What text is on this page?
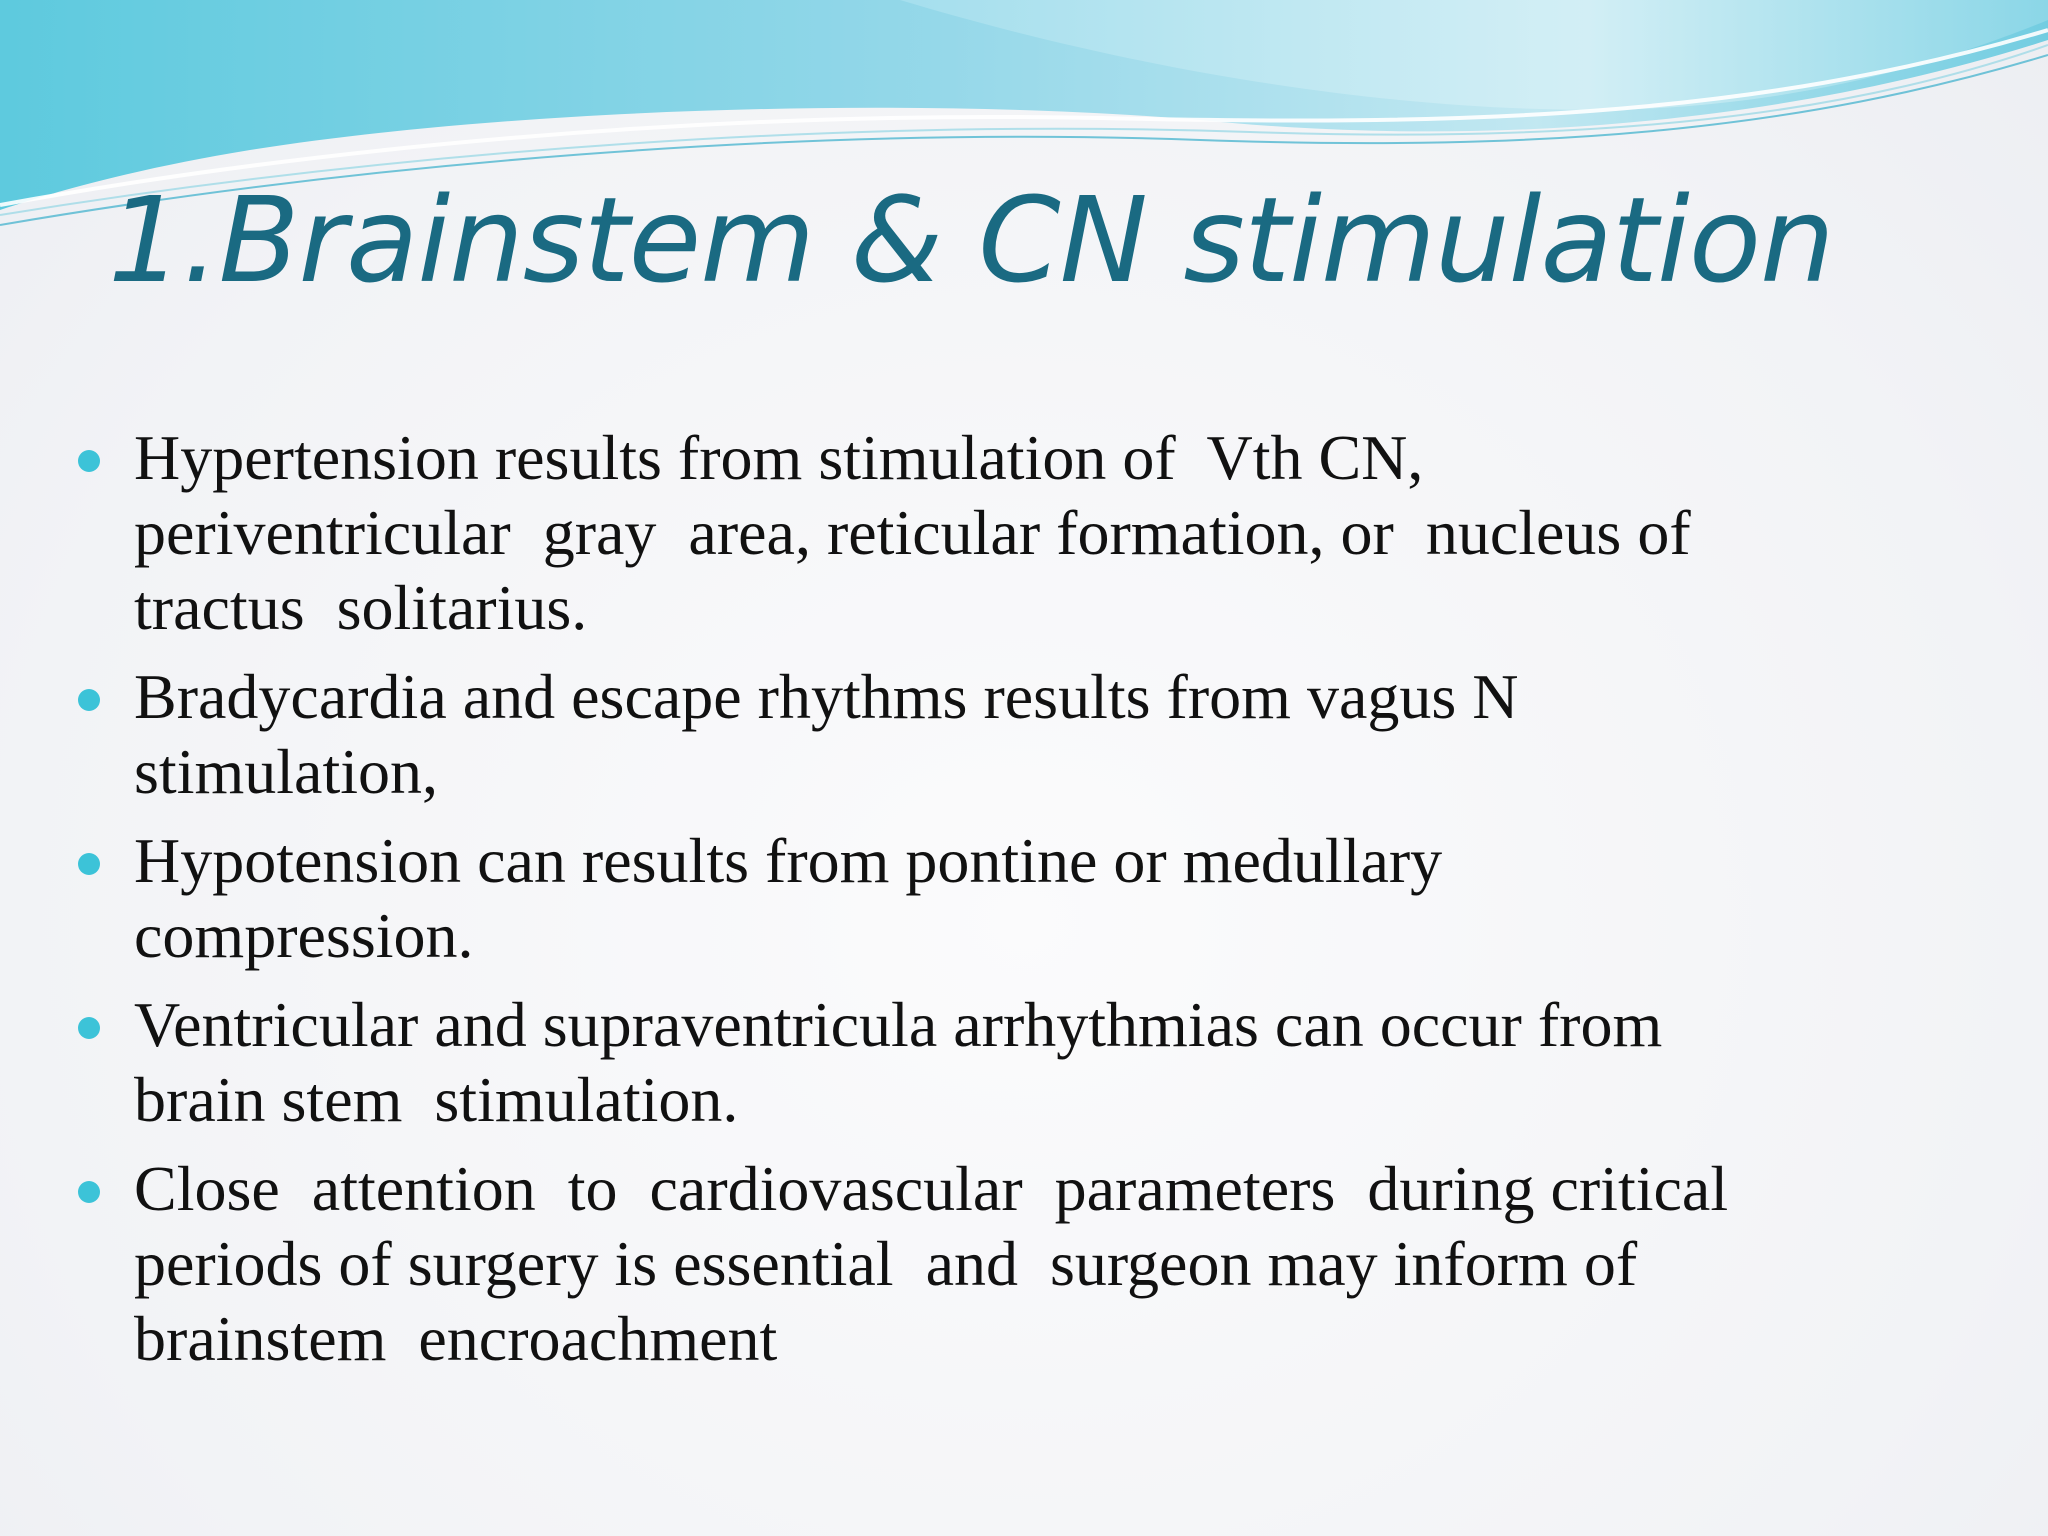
1.Brainstem & CN stimulation
Hypertension results from stimulation of  Vth CN,
periventricular  gray  area, reticular formation, or  nucleus of
tractus  solitarius.
Bradycardia and escape rhythms results from vagus N
stimulation,
Hypotension can results from pontine or medullary
compression.
Ventricular and supraventricula arrhythmias can occur from
brain stem  stimulation.
Close  attention  to  cardiovascular  parameters  during critical
periods of surgery is essential  and  surgeon may inform of
brainstem  encroachment
